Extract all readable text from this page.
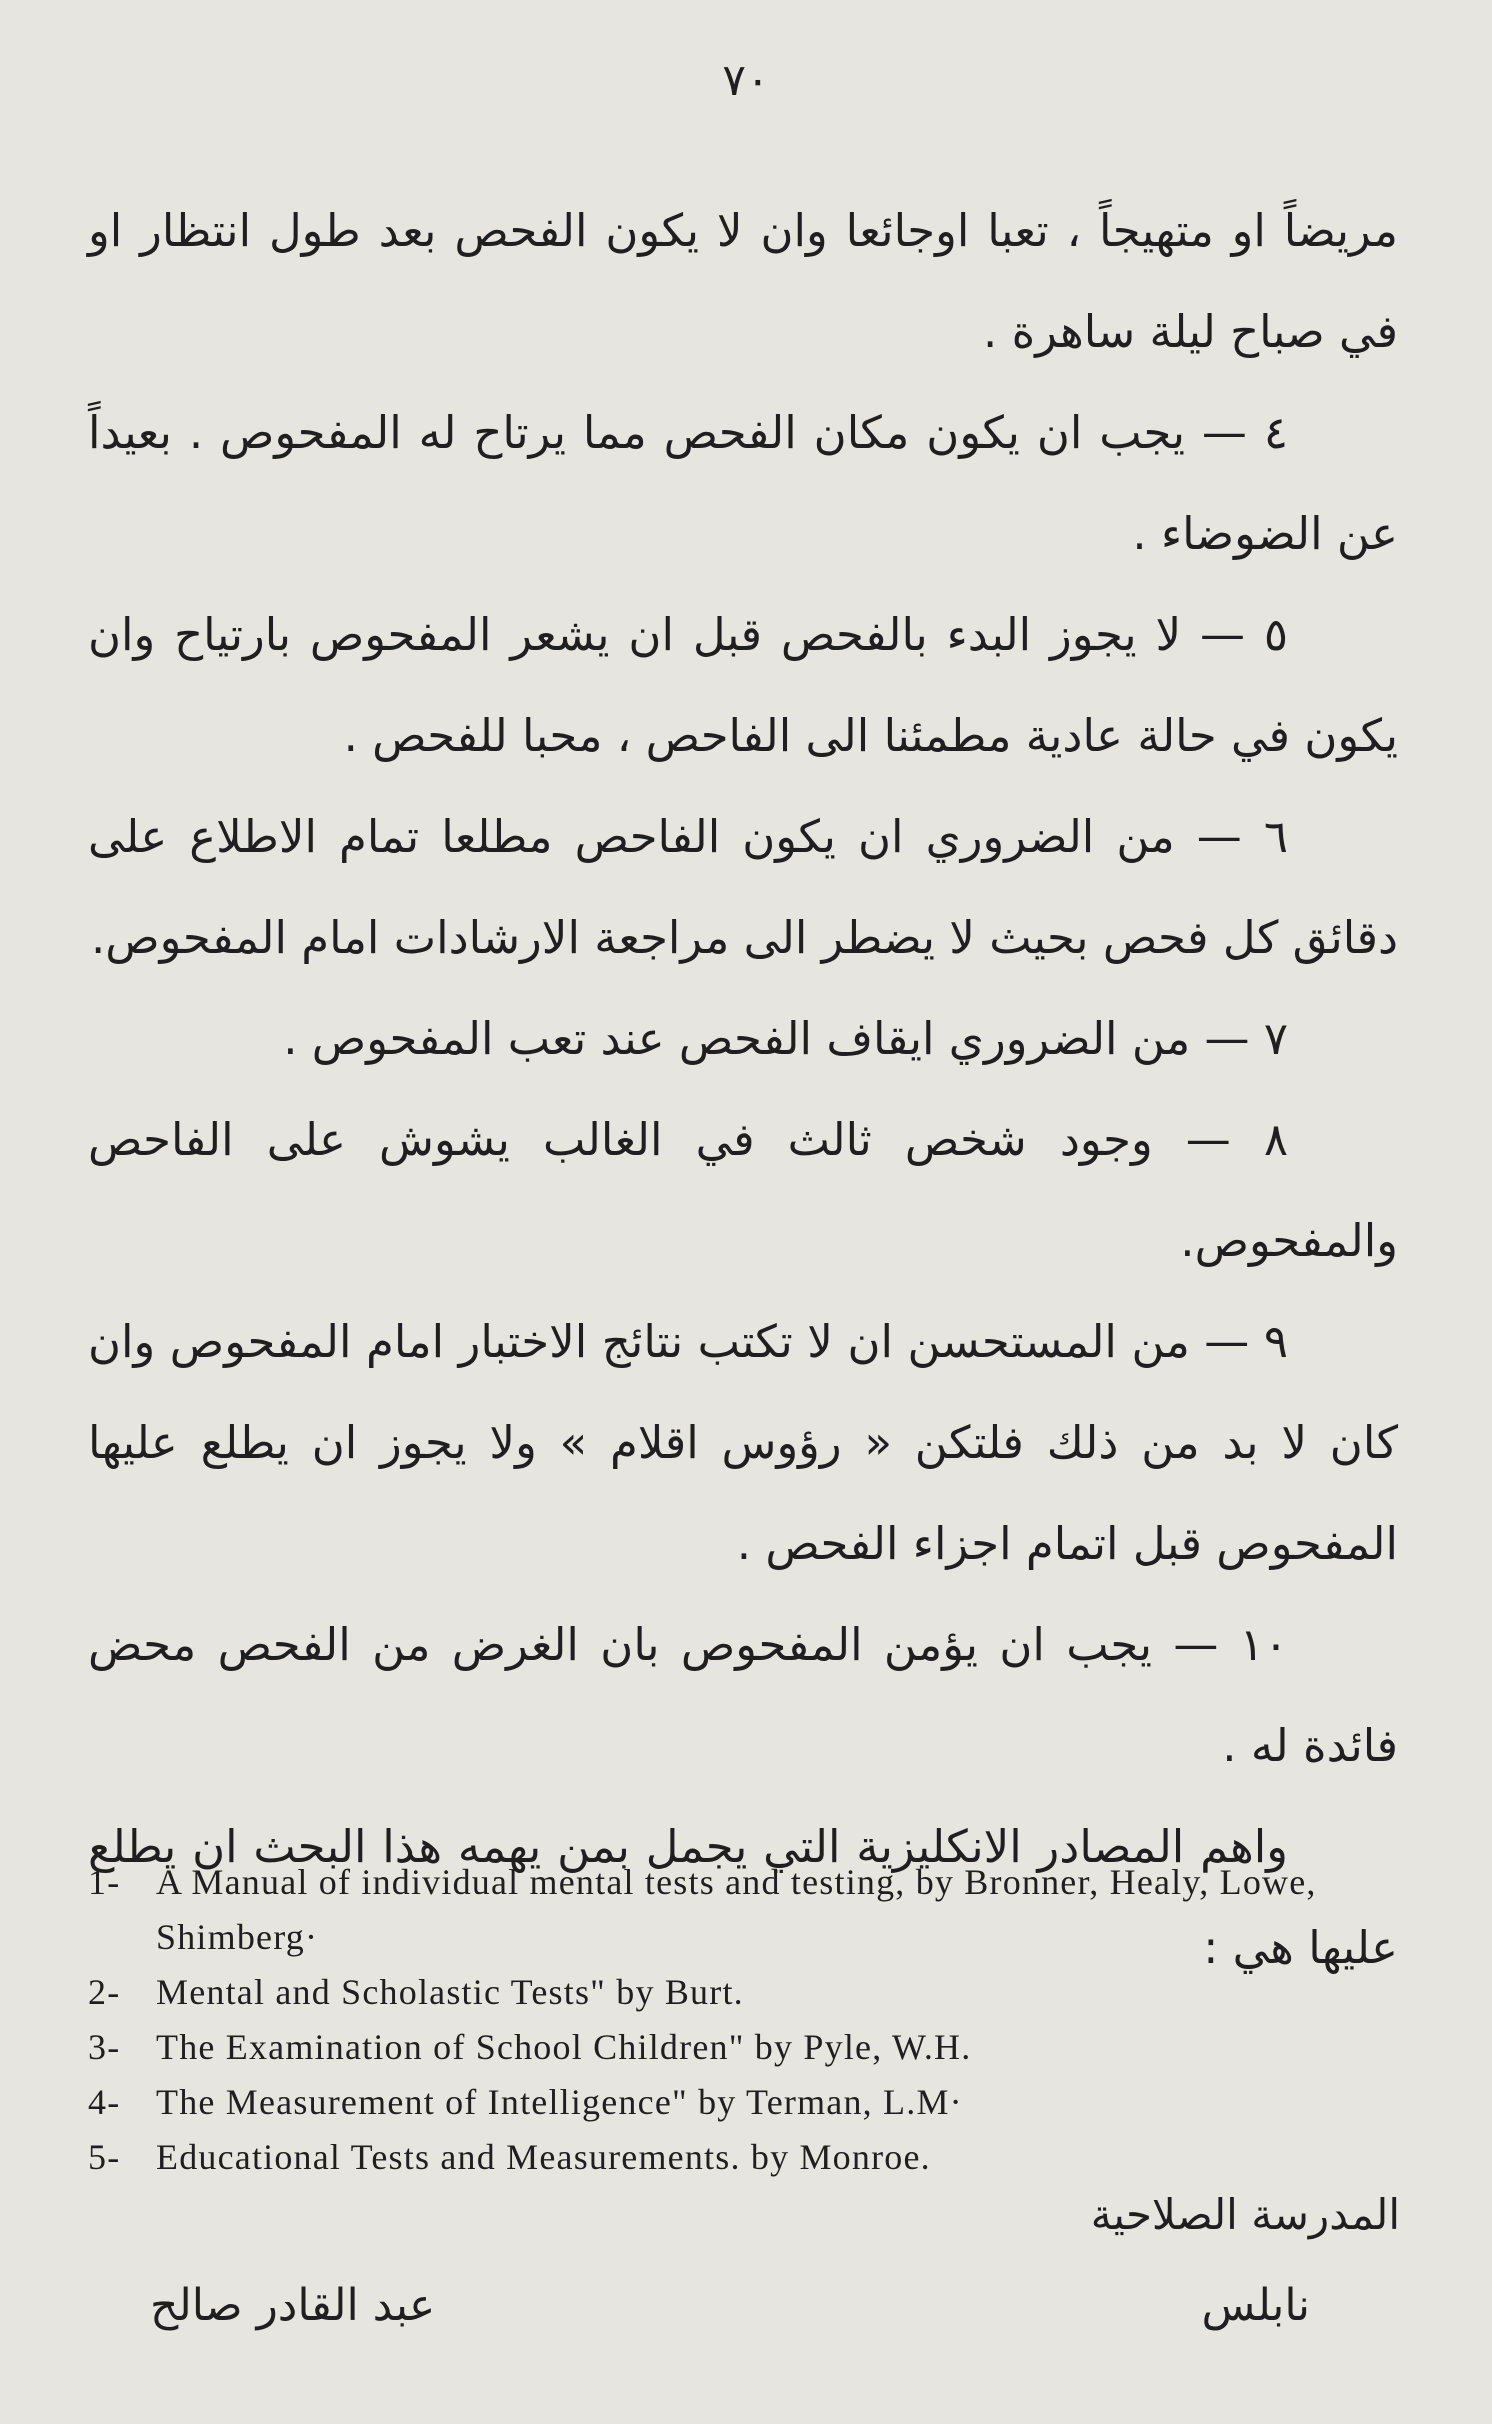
٧٠

مريضاً او متهيجاً ، تعبا اوجائعا وان لا يكون الفحص بعد طول انتظار او في صباح ليلة ساهرة .

٤ — يجب ان يكون مكان الفحص مما يرتاح له المفحوص . بعيداً عن الضوضاء .

٥ — لا يجوز البدء بالفحص قبل ان يشعر المفحوص بارتياح وان يكون في حالة عادية مطمئنا الى الفاحص ، محبا للفحص .

٦ — من الضروري ان يكون الفاحص مطلعا تمام الاطلاع على دقائق كل فحص بحيث لا يضطر الى مراجعة الارشادات امام المفحوص.

٧ — من الضروري ايقاف الفحص عند تعب المفحوص .

٨ — وجود شخص ثالث في الغالب يشوش على الفاحص والمفحوص.

٩ — من المستحسن ان لا تكتب نتائج الاختبار امام المفحوص وان كان لا بد من ذلك فلتكن « رؤوس اقلام » ولا يجوز ان يطلع عليها المفحوص قبل اتمام اجزاء الفحص .

١٠ — يجب ان يؤمن المفحوص بان الغرض من الفحص محض فائدة له .

واهم المصادر الانكليزية التي يجمل بمن يهمه هذا البحث ان يطلع عليها هي :

1- A Manual of individual mental tests and testing, by Bronner, Healy, Lowe, Shimberg·
2- Mental and Scholastic Tests" by Burt.
3- The Examination of School Children" by Pyle, W.H.
4- The Measurement of Intelligence" by Terman, L.M·
5- Educational Tests and Measurements. by Monroe.
المدرسة الصلاحية
نابلس
عبد القادر صالح
